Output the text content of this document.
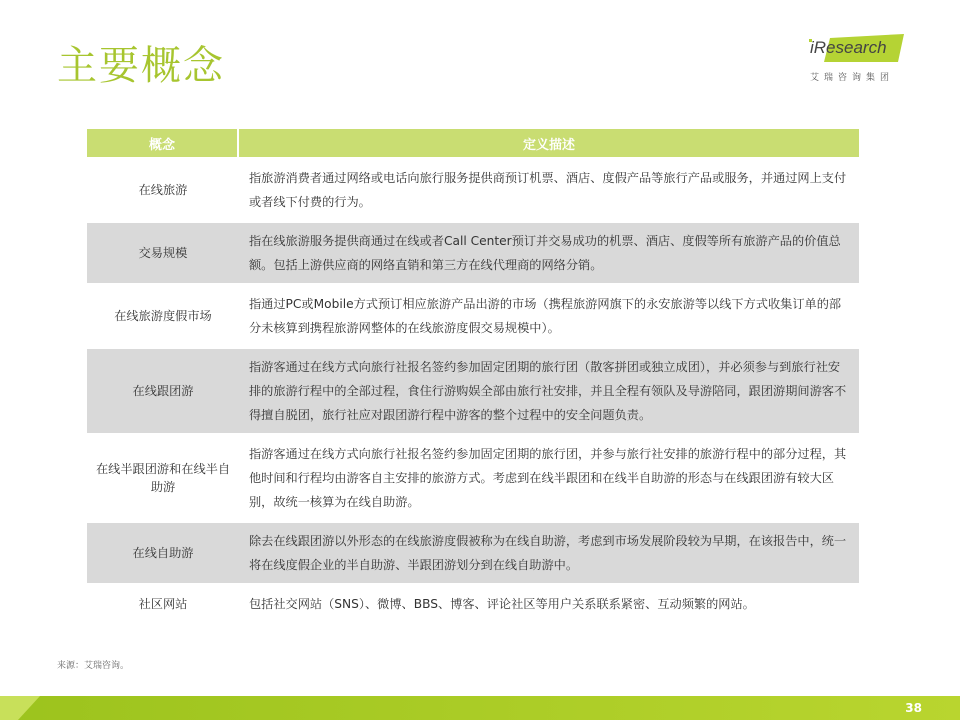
主要概念	iResearch
艾瑞咨询集团
概念	定义描述
在线旅游	指旅游消费者通过网络或电话向旅行服务提供商预订机票、酒店、度假产品等旅行产品或服务，并通过网上支付或者线下付费的行为。
交易规模	指在线旅游服务提供商通过在线或者Call Center预订并交易成功的机票、酒店、度假等所有旅游产品的价值总额。包括上游供应商的网络直销和第三方在线代理商的网络分销。
在线旅游度假市场	指通过PC或Mobile方式预订相应旅游产品出游的市场（携程旅游网旗下的永安旅游等以线下方式收集订单的部分未核算到携程旅游网整体的在线旅游度假交易规模中）。
在线跟团游	指游客通过在线方式向旅行社报名签约参加固定团期的旅行团（散客拼团或独立成团），并必须参与到旅行社安排的旅游行程中的全部过程，食住行游购娱全部由旅行社安排，并且全程有领队及导游陪同，跟团游期间游客不得擅自脱团，旅行社应对跟团游行程中游客的整个过程中的安全问题负责。
在线半跟团游和在线半自助游	指游客通过在线方式向旅行社报名签约参加固定团期的旅行团，并参与旅行社安排的旅游行程中的部分过程，其他时间和行程均由游客自主安排的旅游方式。考虑到在线半跟团和在线半自助游的形态与在线跟团游有较大区别，故统一核算为在线自助游。
在线自助游	除去在线跟团游以外形态的在线旅游度假被称为在线自助游，考虑到市场发展阶段较为早期，在该报告中，统一将在线度假企业的半自助游、半跟团游划分到在线自助游中。
社区网站	包括社交网站（SNS）、微博、BBS、博客、评论社区等用户关系联系紧密、互动频繁的网站。
来源：艾瑞咨询。
38
